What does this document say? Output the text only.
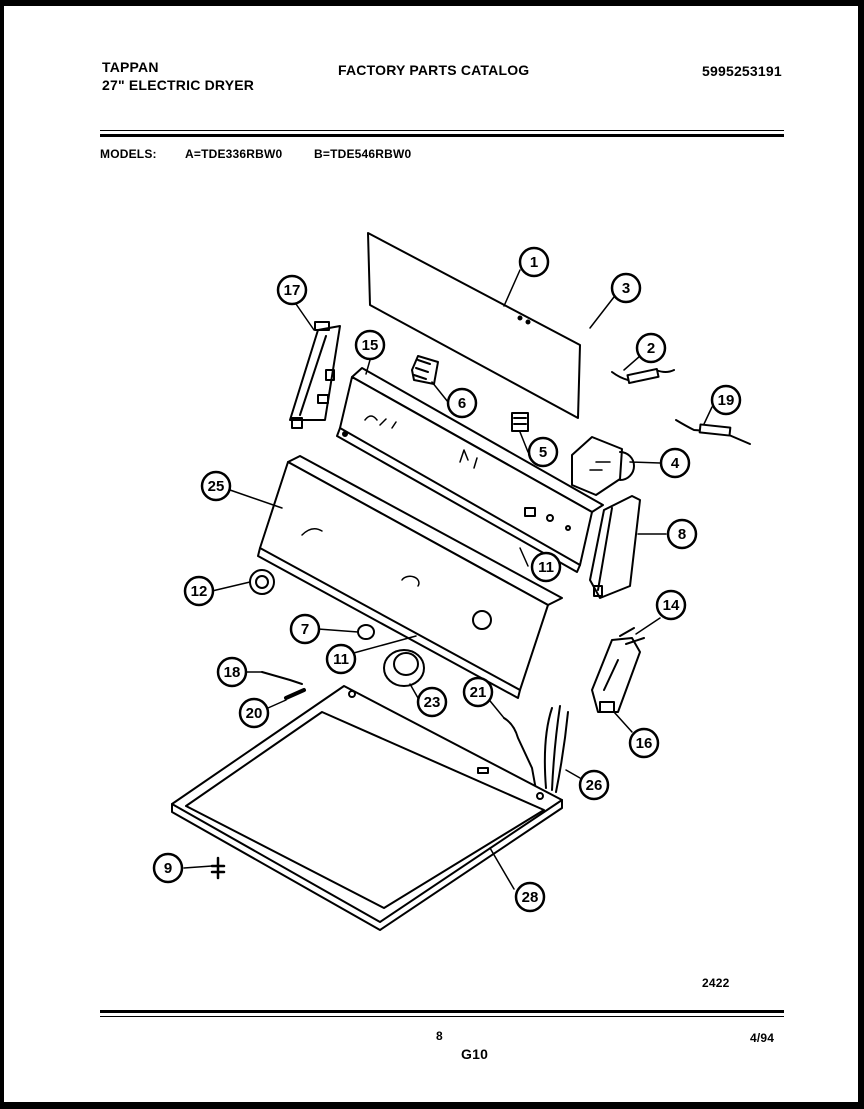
TAPPAN
27" ELECTRIC DRYER
FACTORY PARTS CATALOG	5995253191
MODELS: A=TDE336RBW0	B=TDE546RBW0
2422
8
G10
4/94
1
2
3
4
5
6
7
8
9
11
11
12
14
15
16
17
18
19
20
21
23
25
26
28
